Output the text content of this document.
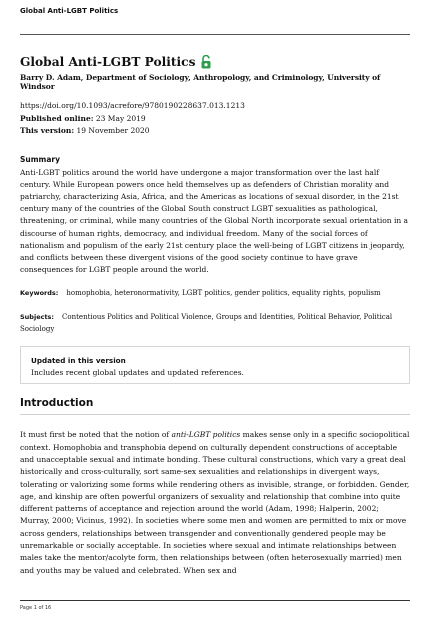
Global Anti-LGBT Politics
Global Anti-LGBT Politics
Barry D. Adam, Department of Sociology, Anthropology, and Criminology, University of Windsor
https://doi.org/10.1093/acrefore/9780190228637.013.1213
Published online: 23 May 2019
This version: 19 November 2020
Summary
Anti-LGBT politics around the world have undergone a major transformation over the last half century. While European powers once held themselves up as defenders of Christian morality and patriarchy, characterizing Asia, Africa, and the Americas as locations of sexual disorder, in the 21st century many of the countries of the Global South construct LGBT sexualities as pathological, threatening, or criminal, while many countries of the Global North incorporate sexual orientation in a discourse of human rights, democracy, and individual freedom. Many of the social forces of nationalism and populism of the early 21st century place the well-being of LGBT citizens in jeopardy, and conflicts between these divergent visions of the good society continue to have grave consequences for LGBT people around the world.
Keywords: homophobia, heteronormativity, LGBT politics, gender politics, equality rights, populism
Subjects: Contentious Politics and Political Violence, Groups and Identities, Political Behavior, Political Sociology
Updated in this version
Includes recent global updates and updated references.
Introduction
It must first be noted that the notion of anti-LGBT politics makes sense only in a specific sociopolitical context. Homophobia and transphobia depend on culturally dependent constructions of acceptable and unacceptable sexual and intimate bonding. These cultural constructions, which vary a great deal historically and cross-culturally, sort same-sex sexualities and relationships in divergent ways, tolerating or valorizing some forms while rendering others as invisible, strange, or forbidden. Gender, age, and kinship are often powerful organizers of sexuality and relationship that combine into quite different patterns of acceptance and rejection around the world (Adam, 1998; Halperin, 2002; Murray, 2000; Vicinus, 1992). In societies where some men and women are permitted to mix or move across genders, relationships between transgender and conventionally gendered people may be unremarkable or socially acceptable. In societies where sexual and intimate relationships between males take the mentor/acolyte form, then relationships between (often heterosexually married) men and youths may be valued and celebrated. When sex and
Page 1 of 16
